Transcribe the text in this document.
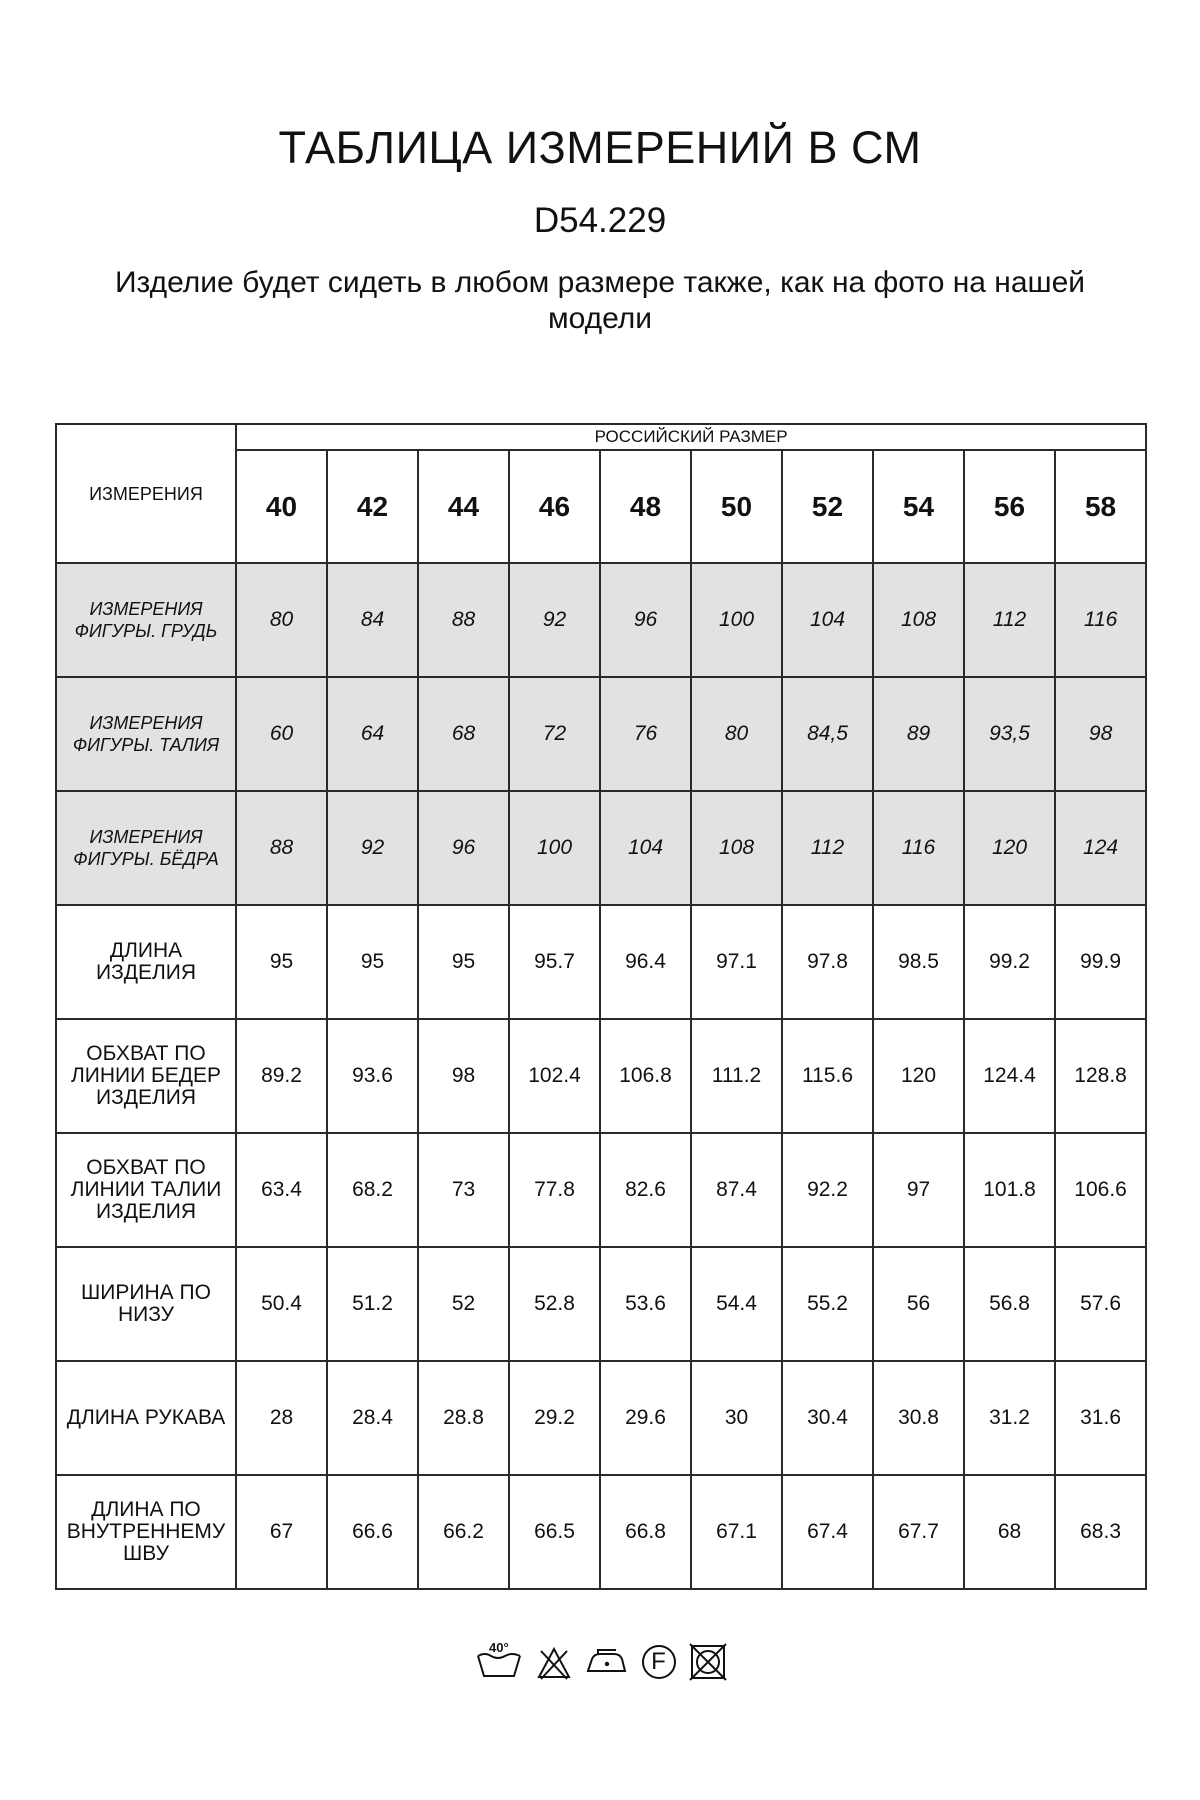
ТАБЛИЦА ИЗМЕРЕНИЙ В СМ
D54.229
Изделие будет сидеть в любом размере также, как на фото на нашей модели
ИЗМЕРЕНИЯ	РОССИЙСКИЙ РАЗМЕР									
	40	42	44	46	48	50	52	54	56	58
ИЗМЕРЕНИЯ ФИГУРЫ. ГРУДЬ	80	84	88	92	96	100	104	108	112	116
ИЗМЕРЕНИЯ ФИГУРЫ. ТАЛИЯ	60	64	68	72	76	80	84,5	89	93,5	98
ИЗМЕРЕНИЯ ФИГУРЫ. БЁДРА	88	92	96	100	104	108	112	116	120	124
ДЛИНА ИЗДЕЛИЯ	95	95	95	95.7	96.4	97.1	97.8	98.5	99.2	99.9
ОБХВАТ ПО ЛИНИИ БЕДЕР ИЗДЕЛИЯ	89.2	93.6	98	102.4	106.8	111.2	115.6	120	124.4	128.8
ОБХВАТ ПО ЛИНИИ ТАЛИИ ИЗДЕЛИЯ	63.4	68.2	73	77.8	82.6	87.4	92.2	97	101.8	106.6
ШИРИНА ПО НИЗУ	50.4	51.2	52	52.8	53.6	54.4	55.2	56	56.8	57.6
ДЛИНА РУКАВА	28	28.4	28.8	29.2	29.6	30	30.4	30.8	31.2	31.6
ДЛИНА ПО ВНУТРЕННЕМУ ШВУ	67	66.6	66.2	66.5	66.8	67.1	67.4	67.7	68	68.3
40°
F
